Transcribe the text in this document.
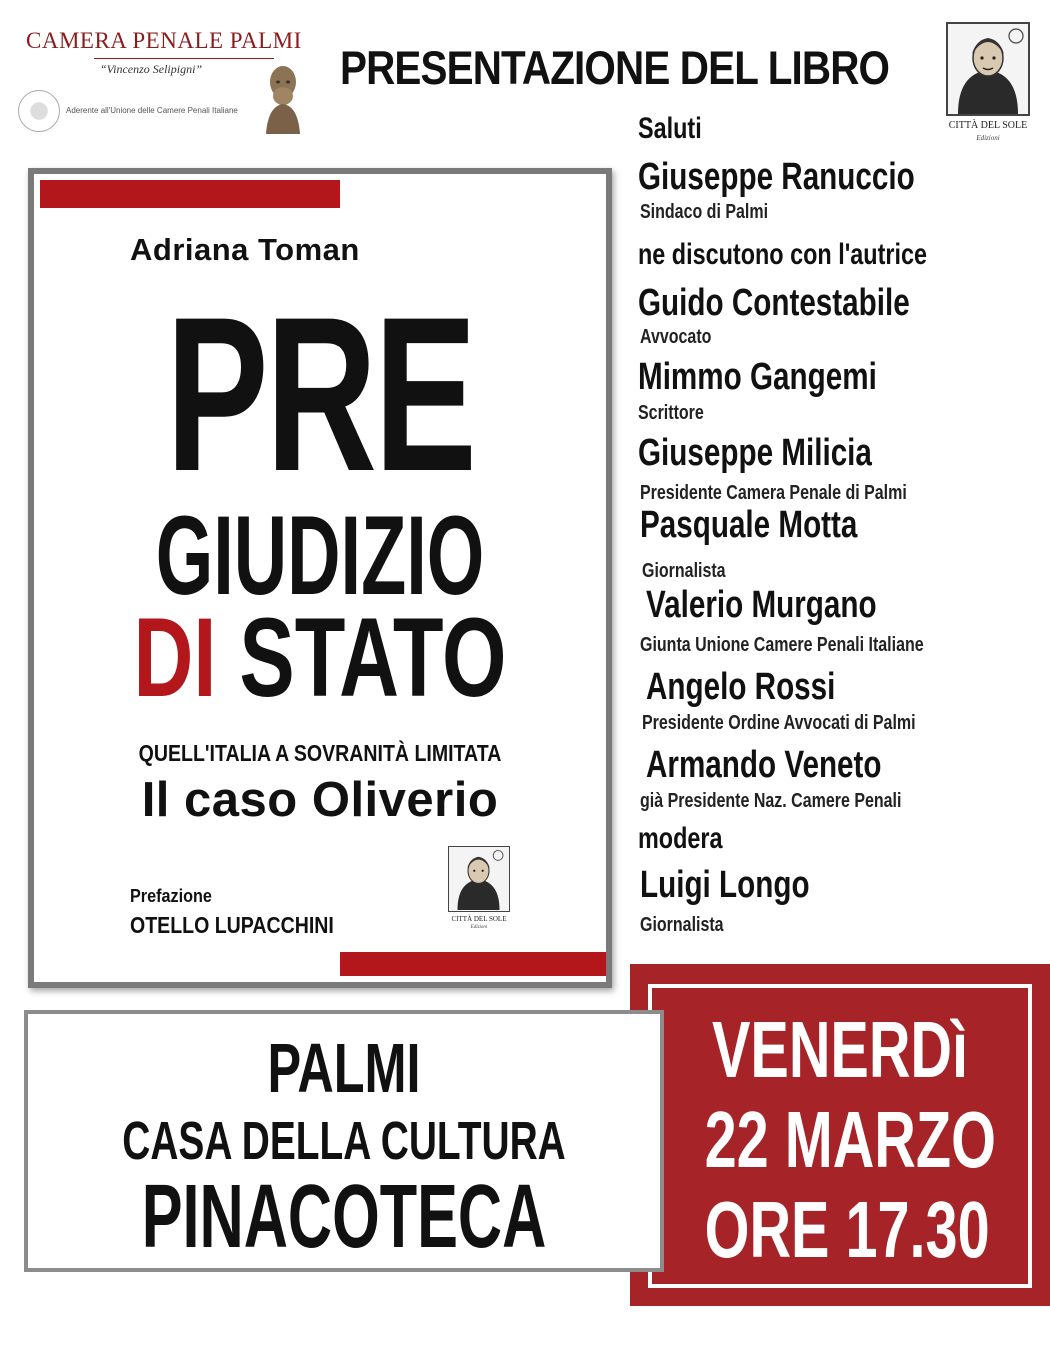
CAMERA PENALE PALMI
“Vincenzo Selipigni”
Aderente all'Unione delle Camere Penali Italiane
PRESENTAZIONE DEL LIBRO
CITTÀ DEL SOLE
Edizioni
Adriana Toman
PRE
GIUDIZIO
DI STATO
QUELL'ITALIA A SOVRANITÀ LIMITATA
Il caso Oliverio
Prefazione
OTELLO LUPACCHINI	CITTÀ DEL SOLE
Edizioni
Saluti
Giuseppe Ranuccio
Sindaco di Palmi
ne discutono con l'autrice
Guido Contestabile
Avvocato
Mimmo Gangemi
Scrittore
Giuseppe Milicia
Presidente Camera Penale di Palmi
Pasquale Motta
Giornalista
Valerio Murgano
Giunta Unione Camere Penali Italiane
Angelo Rossi
Presidente Ordine Avvocati di Palmi
Armando Veneto
già Presidente Naz. Camere Penali
modera
Luigi Longo
Giornalista
VENERDì
22 MARZO
ORE 17.30
PALMI
CASA DELLA CULTURA
PINACOTECA
